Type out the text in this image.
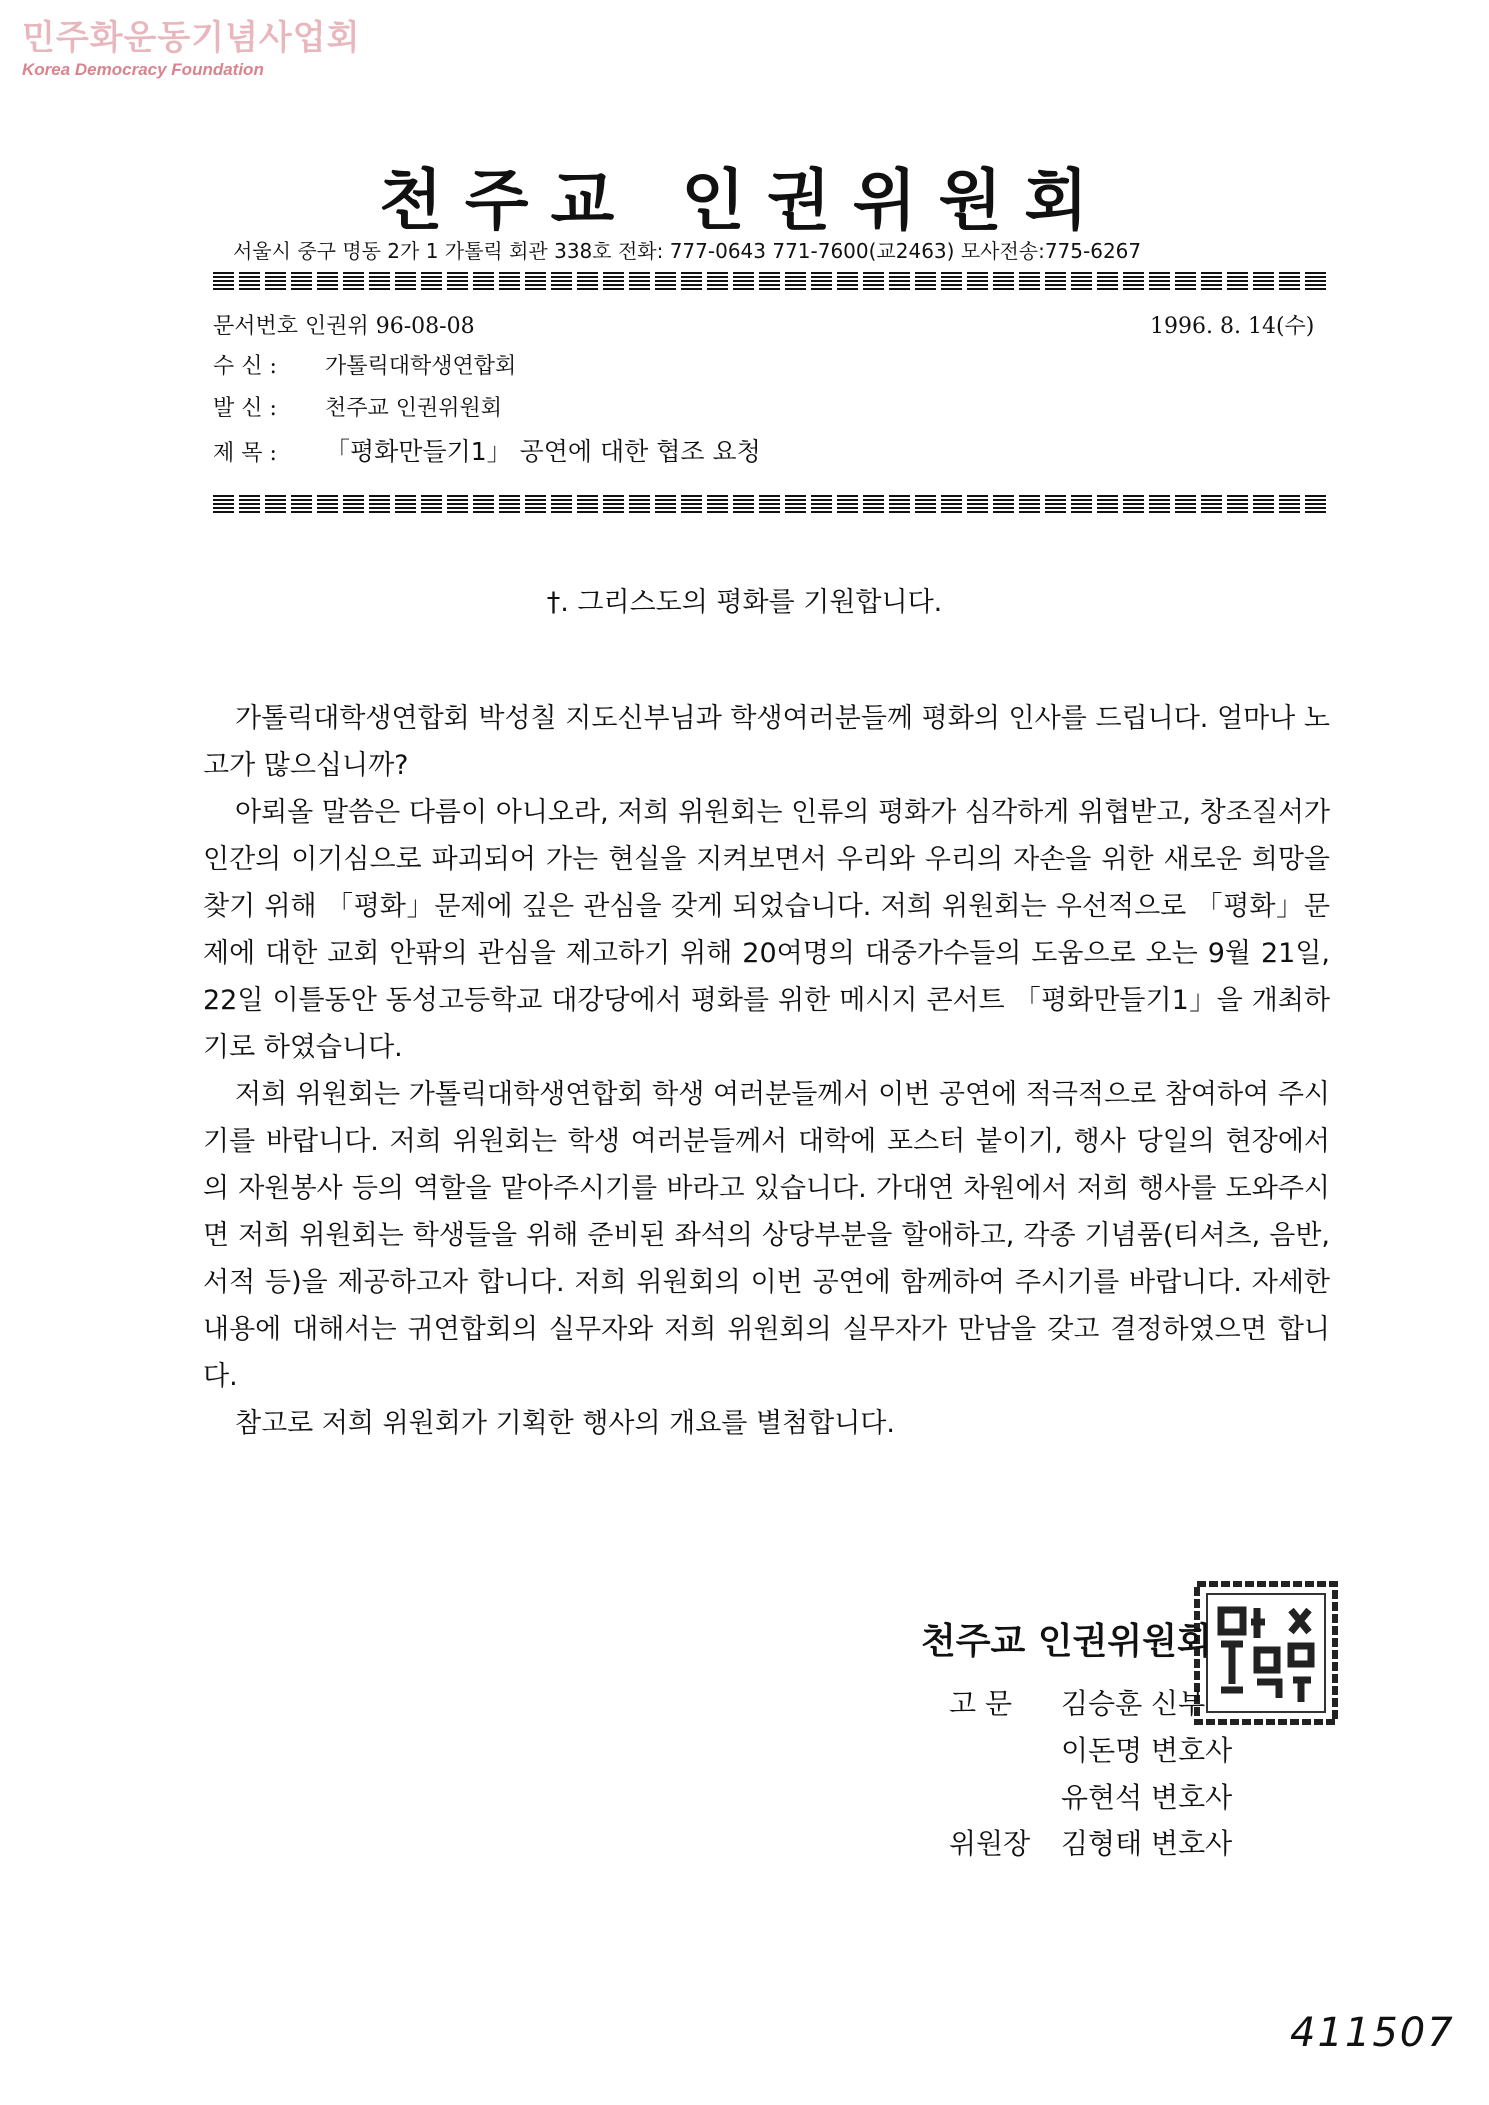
민주화운동기념사업회
Korea Democracy Foundation
천주교 인권위원회
서울시 중구 명동 2가 1 가톨릭 회관 338호 전화: 777-0643 771-7600(교2463) 모사전송:775-6267
문서번호 인권위 96-08-08	1996. 8. 14(수)
수 신 : 가톨릭대학생연합회
발 신 : 천주교 인권위원회
제 목 : 「평화만들기1」 공연에 대한 협조 요청
†. 그리스도의 평화를 기원합니다.

가톨릭대학생연합회 박성칠 지도신부님과 학생여러분들께 평화의 인사를 드립니다. 얼마나 노고가 많으십니까?

아뢰올 말씀은 다름이 아니오라, 저희 위원회는 인류의 평화가 심각하게 위협받고, 창조질서가 인간의 이기심으로 파괴되어 가는 현실을 지켜보면서 우리와 우리의 자손을 위한 새로운 희망을 찾기 위해 「평화」문제에 깊은 관심을 갖게 되었습니다. 저희 위원회는 우선적으로 「평화」문제에 대한 교회 안팎의 관심을 제고하기 위해 20여명의 대중가수들의 도움으로 오는 9월 21일, 22일 이틀동안 동성고등학교 대강당에서 평화를 위한 메시지 콘서트 「평화만들기1」을 개최하기로 하였습니다.

저희 위원회는 가톨릭대학생연합회 학생 여러분들께서 이번 공연에 적극적으로 참여하여 주시기를 바랍니다. 저희 위원회는 학생 여러분들께서 대학에 포스터 붙이기, 행사 당일의 현장에서의 자원봉사 등의 역할을 맡아주시기를 바라고 있습니다. 가대연 차원에서 저희 행사를 도와주시면 저희 위원회는 학생들을 위해 준비된 좌석의 상당부분을 할애하고, 각종 기념품(티셔츠, 음반, 서적 등)을 제공하고자 합니다. 저희 위원회의 이번 공연에 함께하여 주시기를 바랍니다. 자세한 내용에 대해서는 귀연합회의 실무자와 저희 위원회의 실무자가 만남을 갖고 결정하였으면 합니다.

참고로 저희 위원회가 기획한 행사의 개요를 별첨합니다.

천주교 인권위원회
고 문 김승훈 신부
이돈명 변호사
유현석 변호사
위원장 김형태 변호사
411507
